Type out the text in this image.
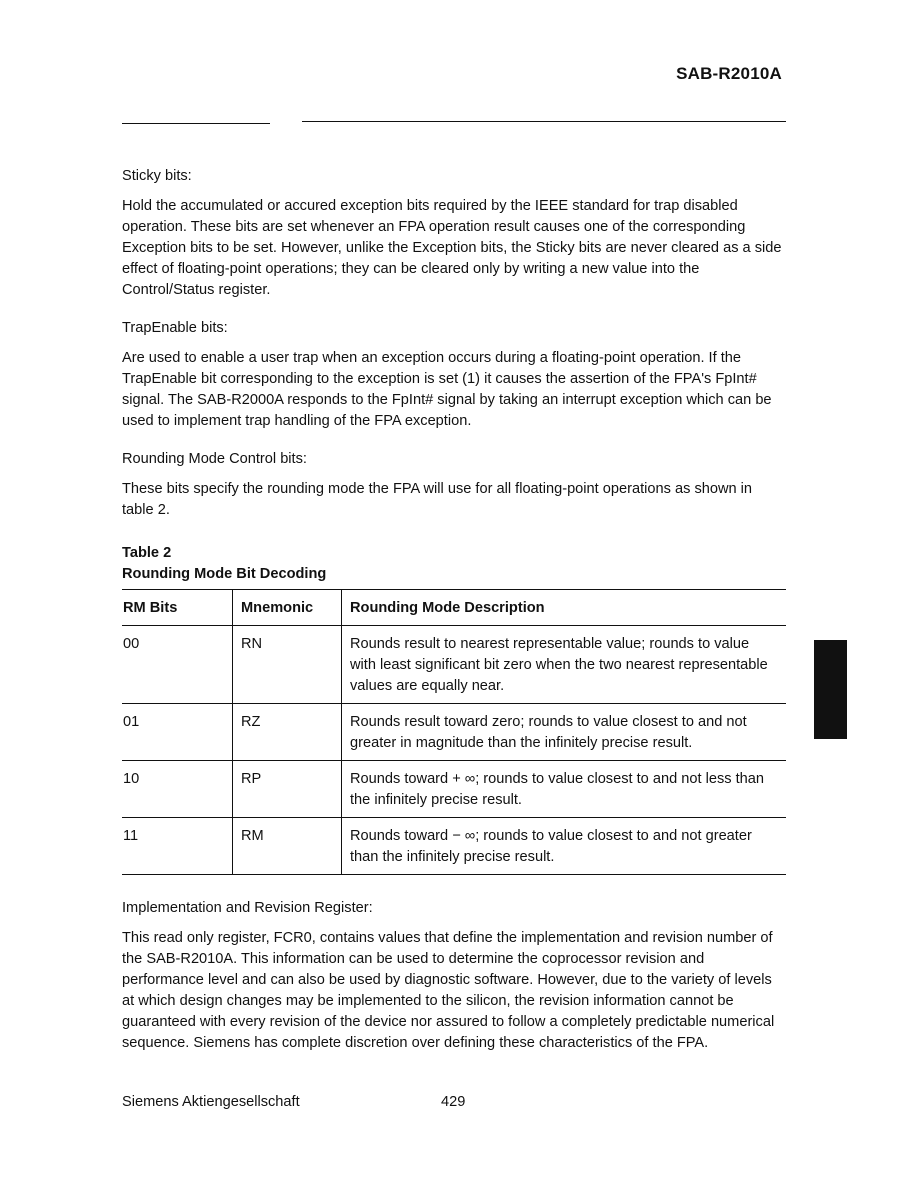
SAB-R2010A

Sticky bits:

Hold the accumulated or accured exception bits required by the IEEE standard for trap disabled operation. These bits are set whenever an FPA operation result causes one of the corresponding Exception bits to be set. However, unlike the Exception bits, the Sticky bits are never cleared as a side effect of floating-point operations; they can be cleared only by writing a new value into the Control/Status register.

TrapEnable bits:

Are used to enable a user trap when an exception occurs during a floating-point operation. If the TrapEnable bit corresponding to the exception is set (1) it causes the assertion of the FPA's FpInt# signal. The SAB-R2000A responds to the FpInt# signal by taking an interrupt exception which can be used to implement trap handling of the FPA exception.

Rounding Mode Control bits:

These bits specify the rounding mode the FPA will use for all floating-point operations as shown in table 2.

Table 2

Rounding Mode Bit Decoding

RM Bits	Mnemonic	Rounding Mode Description
00	RN	Rounds result to nearest representable value; rounds to value with least significant bit zero when the two nearest representable values are equally near.
01	RZ	Rounds result toward zero; rounds to value closest to and not greater in magnitude than the infinitely precise result.
10	RP	Rounds toward + ∞; rounds to value closest to and not less than the infinitely precise result.
11	RM	Rounds toward − ∞; rounds to value closest to and not greater than the infinitely precise result.

Implementation and Revision Register:

This read only register, FCR0, contains values that define the implementation and revision number of the SAB-R2010A. This information can be used to determine the coprocessor revision and performance level and can also be used by diagnostic software. However, due to the variety of levels at which design changes may be implemented to the silicon, the revision information cannot be guaranteed with every revision of the device nor assured to follow a completely predictable numerical sequence. Siemens has complete discretion over defining these characteristics of the FPA.

Siemens Aktiengesellschaft	429
